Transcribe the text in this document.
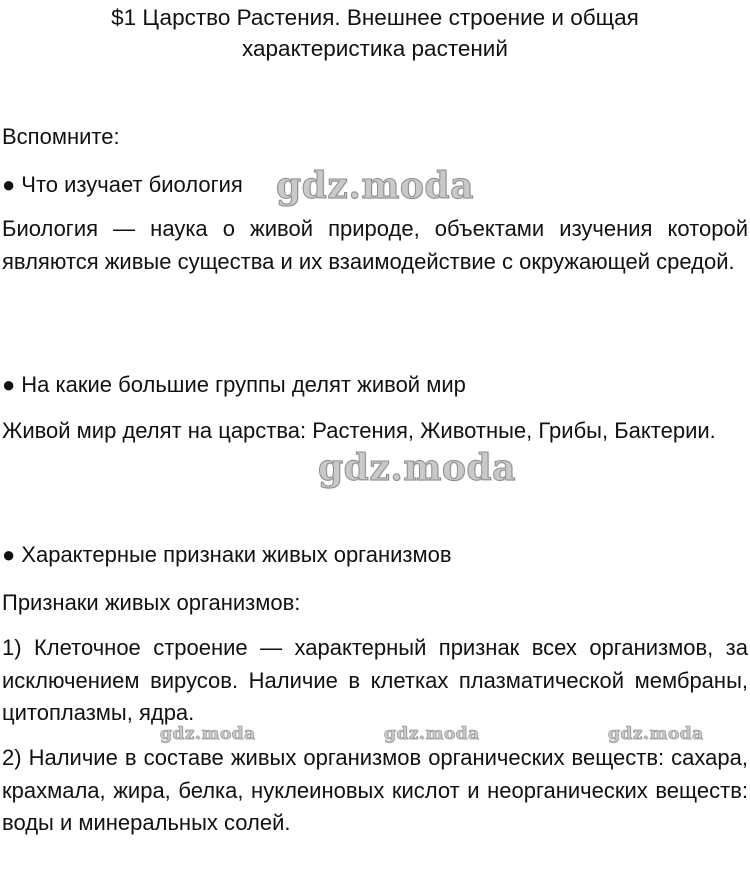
$1 Царство Растения. Внешнее строение и общая
характеристика растений
Вспомните:
● Что изучает биология
Биология — наука о живой природе, объектами изучения которой являются живые существа и их взаимодействие с окружающей средой.
● На какие большие группы делят живой мир
Живой мир делят на царства: Растения, Животные, Грибы, Бактерии.
● Характерные признаки живых организмов
Признаки живых организмов:
1) Клеточное строение — характерный признак всех организмов, за исключением вирусов. Наличие в клетках плазматической мембраны, цитоплазмы, ядра.
2) Наличие в составе живых организмов органических веществ: сахара, крахмала, жира, белка, нуклеиновых кислот и неорганических веществ: воды и минеральных солей.
gdz.moda
gdz.moda
gdz.moda	gdz.moda	gdz.moda
